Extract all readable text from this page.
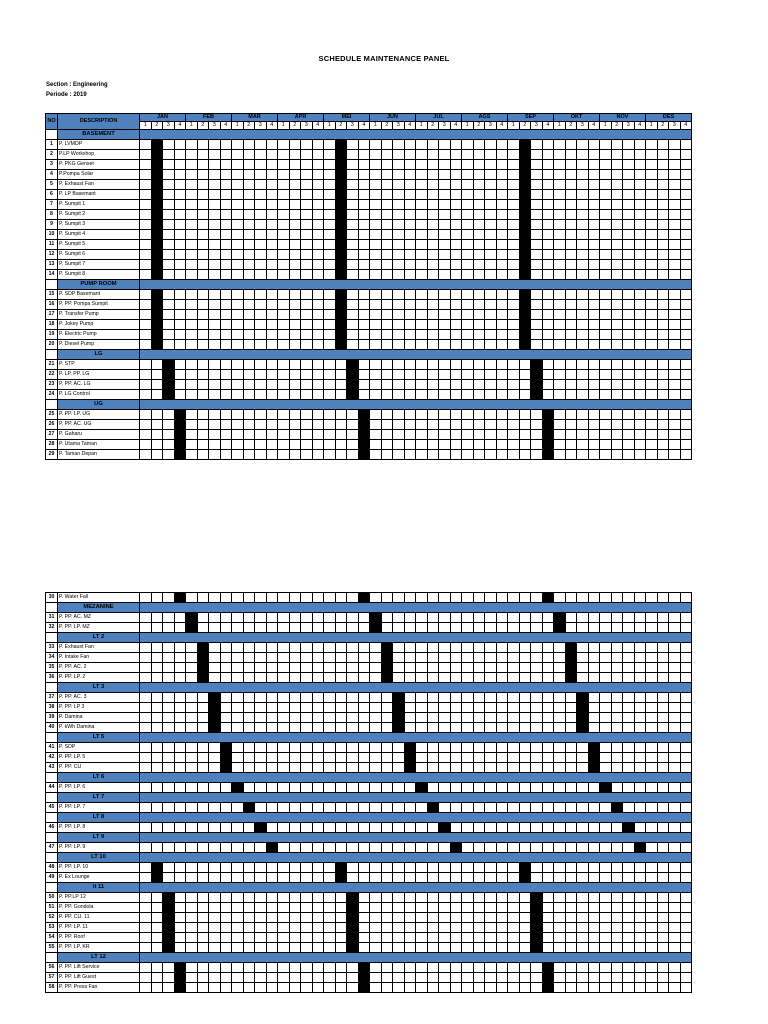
SCHEDULE MAINTENANCE PANEL
Section : Engineering
Periode : 2019
NO	DESCRIPTION	JAN				FEB				MAR				APR				MEI				JUN				JUL				AGS				SEP				OKT				NOV				DES			
		1	2	3	4	1	2	3	4	1	2	3	4	1	2	3	4	1	2	3	4	1	2	3	4	1	2	3	4	1	2	3	4	1	2	3	4	1	2	3	4	1	2	3	4	1	2	3	4
	BASEMENT																																																
1	P. LVMDP																																																
2	P.LP Workshop																																																
3	P. PKG Genset																																																
4	P.Pompa Solar																																																
5	P. Exhaust Fan																																																
6	P. LP Basemant																																																
7	P. Sumpit 1																																																
8	P. Sumpit 2																																																
9	P. Sumpit 3																																																
10	P. Sumpit 4																																																
11	P. Sumpit 5																																																
12	P. Sumpit 6																																																
13	P. Sumpit 7																																																
14	P. Sumpit 8																																																
	PUMP ROOM																																																
15	P. SDP Basemant																																																
16	P. PP. Pompa Sumpit																																																
17	P. Transfer Pump																																																
18	P. Jokey Pump																																																
19	P. Electric Pump																																																
20	P. Diesel Pump																																																
	LG																																																
21	P. STP																																																
22	P. LP. PP. LG																																																
23	P. PP. AC. LG																																																
24	P. LG Control																																																
	UG																																																
25	P. PP. LP. UG																																																
26	P. PP. AC. UG																																																
27	P. Gaharu																																																
28	P. Utama Taman																																																
29	P. Taman Depan																																																
30	P. Water Fall																																																
	MEZANINE																																																
31	P. PP. AC. MZ																																																
32	P. PP. LP. MZ																																																
	LT 2																																																
33	P. Exhaust Fan																																																
34	P. Intake Fan																																																
35	P. PP. AC. 2																																																
36	P. PP. LP. 2																																																
	LT 3																																																
37	P. PP. AC. 3																																																
38	P. PP. LP 3																																																
39	P. Damina																																																
40	P. kWh Damina																																																
	LT 5																																																
41	P. SDP																																																
42	P. PP. LP. 5																																																
43	P. PP. CU																																																
	LT 6																																																
44	P. PP. LP. 6																																																
	LT 7																																																
45	P. PP. LP. 7																																																
	LT 8																																																
46	P. PP. LP. 8																																																
	LT 9																																																
47	P. PP. LP. 9																																																
	LT 10																																																
48	P. PP. LP. 10																																																
49	P. Ex Lounge																																																
	lt 11																																																
50	P. PP.LP 12																																																
51	P. PP. Gondola																																																
52	P. PP. CU. 11																																																
53	P. PP. LP. 11																																																
54	P. PP. Roof																																																
55	P. PP. LP. KR																																																
	LT 12																																																
56	P. PP. Lift Service																																																
57	P. PP. Lift Guest																																																
58	P. PP. Press Fan																																																
